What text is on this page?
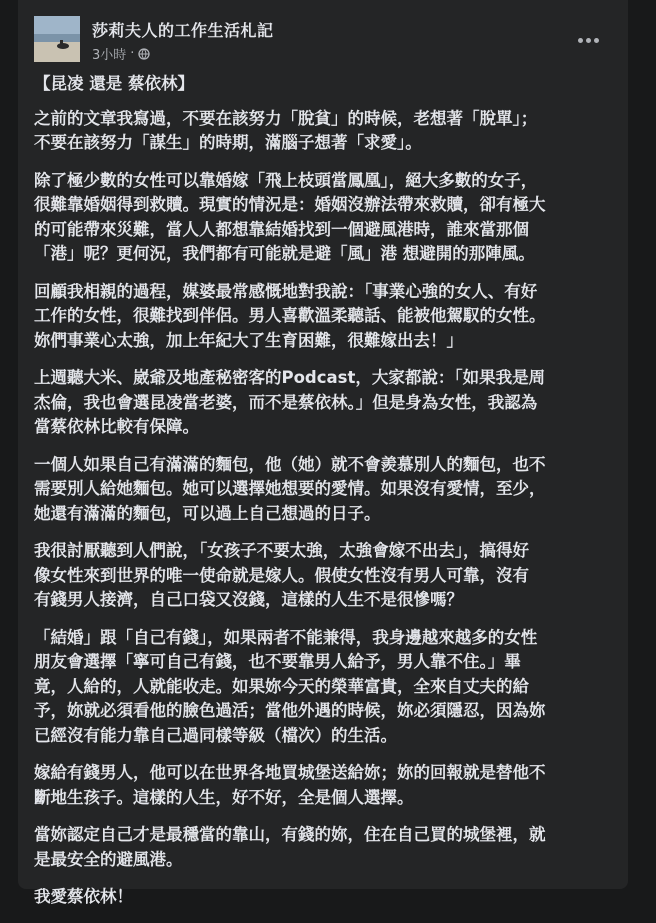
莎莉夫人的工作生活札記
3小時 ·

【昆凌 還是 蔡依林】

之前的文章我寫過，不要在該努力「脫貧」的時候，老想著「脫單」；
不要在該努力「謀生」的時期，滿腦子想著「求愛」。

除了極少數的女性可以靠婚嫁「飛上枝頭當鳳凰」，絕大多數的女子，
很難靠婚姻得到救贖。現實的情況是：婚姻沒辦法帶來救贖，卻有極大
的可能帶來災難，當人人都想靠結婚找到一個避風港時，誰來當那個
「港」呢？更何況，我們都有可能就是避「風」港 想避開的那陣風。

回顧我相親的過程，媒婆最常感慨地對我說：「事業心強的女人、有好
工作的女性，很難找到伴侶。男人喜歡溫柔聽話、能被他駕馭的女性。
妳們事業心太強，加上年紀大了生育困難，很難嫁出去！」

上週聽大米、崴爺及地產秘密客的Podcast，大家都說：「如果我是周
杰倫，我也會選昆凌當老婆，而不是蔡依林。」但是身為女性，我認為
當蔡依林比較有保障。

一個人如果自己有滿滿的麵包，他（她）就不會羨慕別人的麵包，也不
需要別人給她麵包。她可以選擇她想要的愛情。如果沒有愛情，至少，
她還有滿滿的麵包，可以過上自己想過的日子。

我很討厭聽到人們說，「女孩子不要太強，太強會嫁不出去」，搞得好
像女性來到世界的唯一使命就是嫁人。假使女性沒有男人可靠，沒有
有錢男人接濟，自己口袋又沒錢，這樣的人生不是很慘嗎？

「結婚」跟「自己有錢」，如果兩者不能兼得，我身邊越來越多的女性
朋友會選擇「寧可自己有錢，也不要靠男人給予，男人靠不住。」畢
竟，人給的，人就能收走。如果妳今天的榮華富貴，全來自丈夫的給
予，妳就必須看他的臉色過活；當他外遇的時候，妳必須隱忍，因為妳
已經沒有能力靠自己過同樣等級（檔次）的生活。

嫁給有錢男人，他可以在世界各地買城堡送給妳；妳的回報就是替他不
斷地生孩子。這樣的人生，好不好，全是個人選擇。

當妳認定自己才是最穩當的靠山，有錢的妳，住在自己買的城堡裡，就
是最安全的避風港。

我愛蔡依林！
